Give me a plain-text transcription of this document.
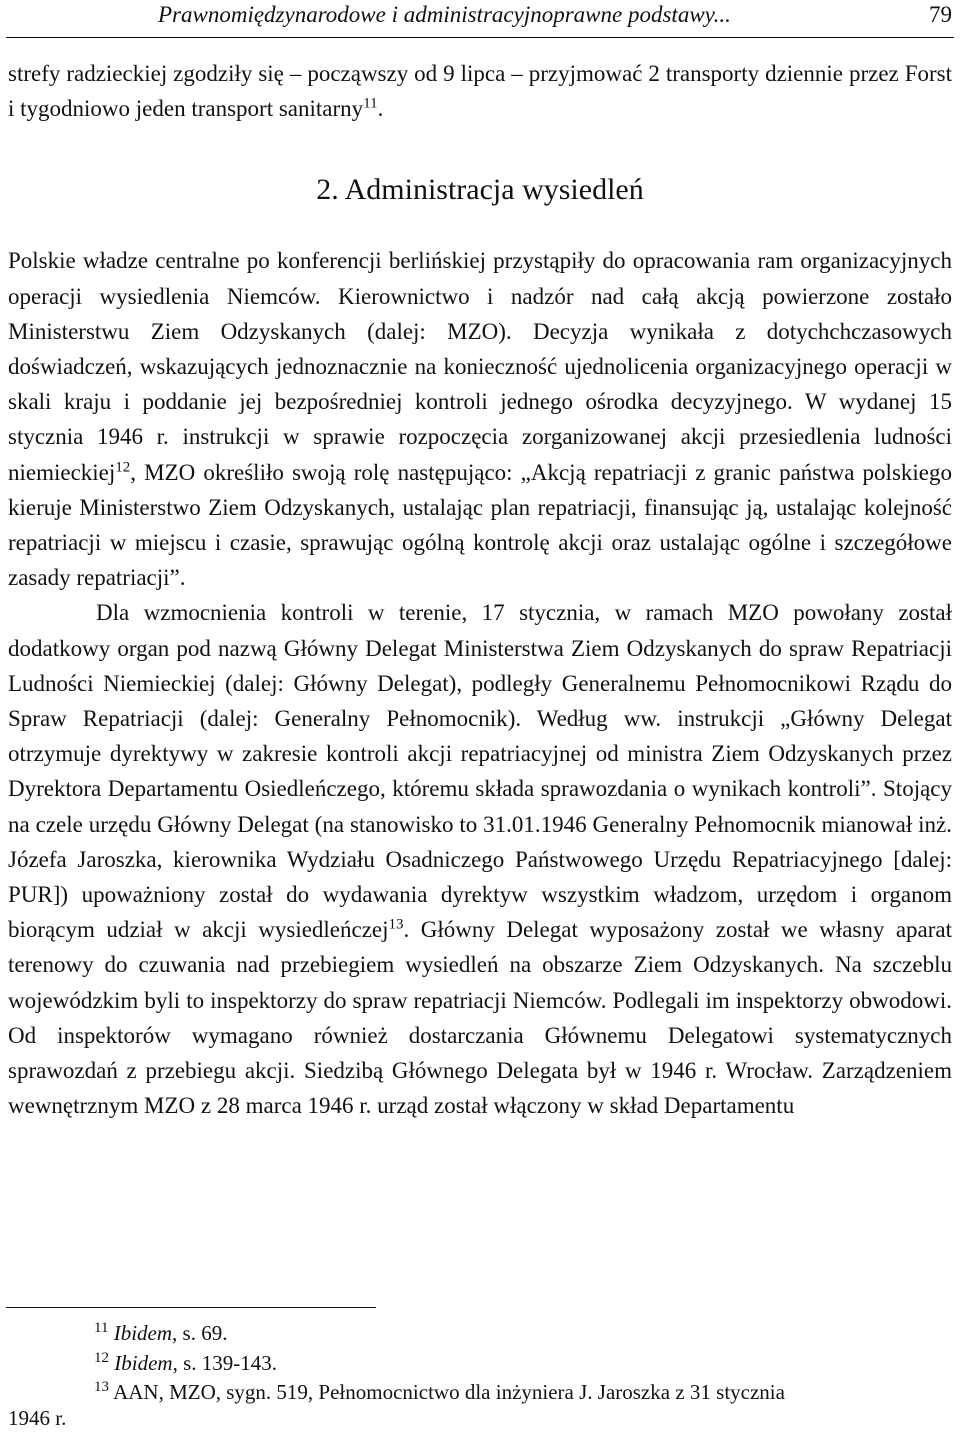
Prawnomiędzynarodowe i administracyjnoprawne podstawy...	79

strefy radzieckiej zgodziły się – począwszy od 9 lipca – przyjmować 2 transporty dziennie przez Forst i tygodniowo jeden transport sanitarny$^{11}$.

2. Administracja wysiedleń

Polskie władze centralne po konferencji berlińskiej przystąpiły do opracowania ram organizacyjnych operacji wysiedlenia Niemców. Kierownictwo i nadzór nad całą akcją powierzone zostało Ministerstwu Ziem Odzyskanych (dalej: MZO). Decyzja wynikała z dotychchczasowych doświadczeń, wskazujących jednoznacznie na konieczność ujednolicenia organizacyjnego operacji w skali kraju i poddanie jej bezpośredniej kontroli jednego ośrodka decyzyjnego. W wydanej 15 stycznia 1946 r. instrukcji w sprawie rozpoczęcia zorganizowanej akcji przesiedlenia ludności niemieckiej$^{12}$, MZO określiło swoją rolę następująco: „Akcją repatriacji z granic państwa polskiego kieruje Ministerstwo Ziem Odzyskanych, ustalając plan repatriacji, finansując ją, ustalając kolejność repatriacji w miejscu i czasie, sprawując ogólną kontrolę akcji oraz ustalając ogólne i szczegółowe zasady repatriacji”.

Dla wzmocnienia kontroli w terenie, 17 stycznia, w ramach MZO powołany został dodatkowy organ pod nazwą Główny Delegat Ministerstwa Ziem Odzyskanych do spraw Repatriacji Ludności Niemieckiej (dalej: Główny Delegat), podległy Generalnemu Pełnomocnikowi Rządu do Spraw Repatriacji (dalej: Generalny Pełnomocnik). Według ww. instrukcji „Główny Delegat otrzymuje dyrektywy w zakresie kontroli akcji repatriacyjnej od ministra Ziem Odzyskanych przez Dyrektora Departamentu Osiedleńczego, któremu składa sprawozdania o wynikach kontroli”. Stojący na czele urzędu Główny Delegat (na stanowisko to 31.01.1946 Generalny Pełnomocnik mianował inż. Józefa Jaroszka, kierownika Wydziału Osadniczego Państwowego Urzędu Repatriacyjnego [dalej: PUR]) upoważniony został do wydawania dyrektyw wszystkim władzom, urzędom i organom biorącym udział w akcji wysiedleńczej$^{13}$. Główny Delegat wyposażony został we własny aparat terenowy do czuwania nad przebiegiem wysiedleń na obszarze Ziem Odzyskanych. Na szczeblu wojewódzkim byli to inspektorzy do spraw repatriacji Niemców. Podlegali im inspektorzy obwodowi. Od inspektorów wymagano również dostarczania Głównemu Delegatowi systematycznych sprawozdań z przebiegu akcji. Siedzibą Głównego Delegata był w 1946 r. Wrocław. Zarządzeniem wewnętrznym MZO z 28 marca 1946 r. urząd został włączony w skład Departamentu

$^{11}$ Ibidem, s. 69.
$^{12}$ Ibidem, s. 139-143.
$^{13}$ AAN, MZO, sygn. 519, Pełnomocnictwo dla inżyniera J. Jaroszka z 31 stycznia
1946 r.
